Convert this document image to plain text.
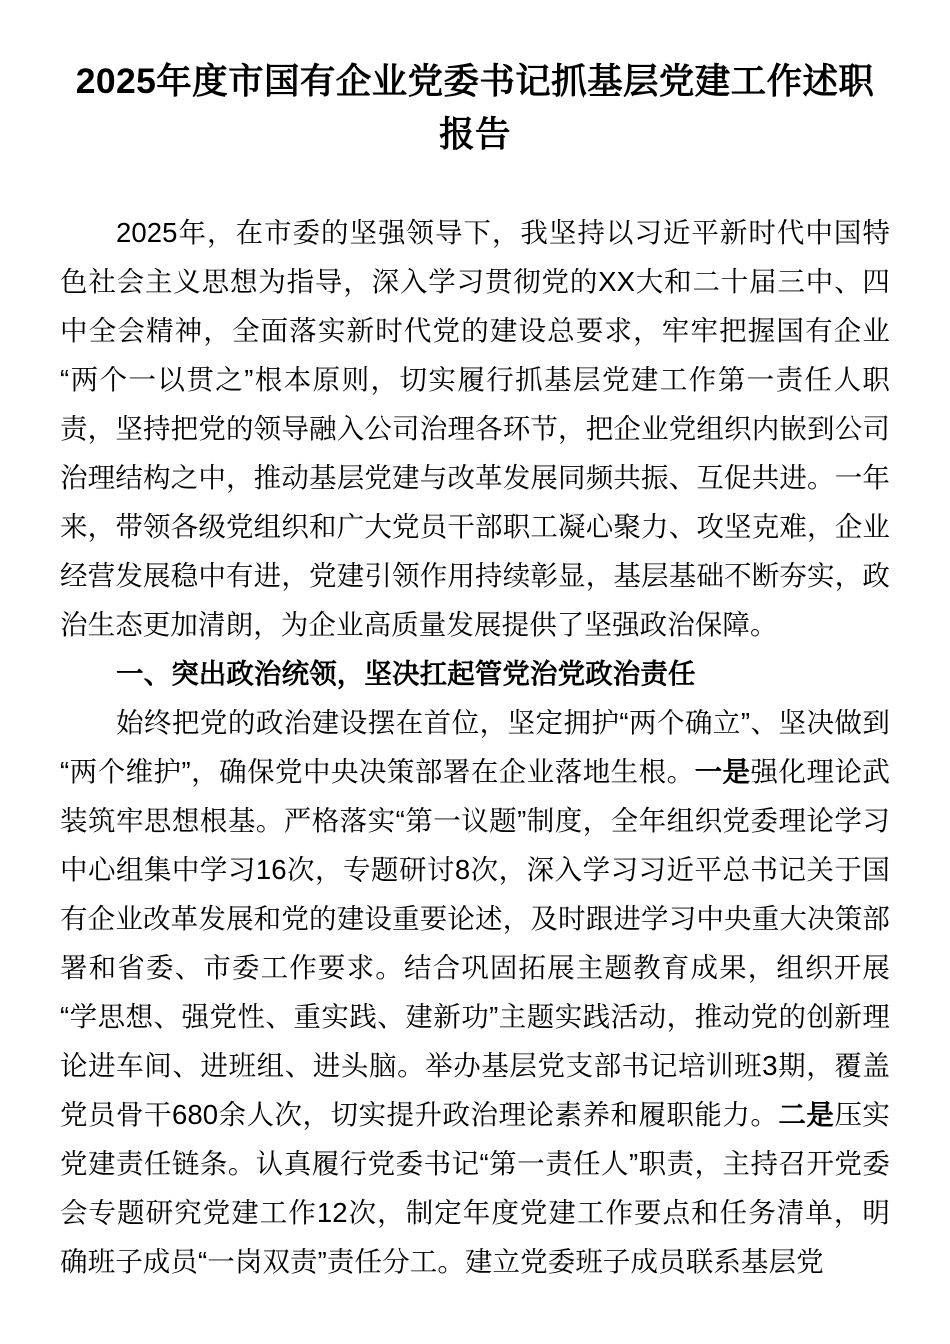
2025年度市国有企业党委书记抓基层党建工作述职报告

2025年，在市委的坚强领导下，我坚持以习近平新时代中国特色社会主义思想为指导，深入学习贯彻党的XX大和二十届三中、四中全会精神，全面落实新时代党的建设总要求，牢牢把握国有企业“两个一以贯之”根本原则，切实履行抓基层党建工作第一责任人职责，坚持把党的领导融入公司治理各环节，把企业党组织内嵌到公司治理结构之中，推动基层党建与改革发展同频共振、互促共进。一年来，带领各级党组织和广大党员干部职工凝心聚力、攻坚克难，企业经营发展稳中有进，党建引领作用持续彰显，基层基础不断夯实，政治生态更加清朗，为企业高质量发展提供了坚强政治保障。

一、突出政治统领，坚决扛起管党治党政治责任

始终把党的政治建设摆在首位，坚定拥护“两个确立”、坚决做到“两个维护”，确保党中央决策部署在企业落地生根。一是强化理论武装筑牢思想根基。严格落实“第一议题”制度，全年组织党委理论学习中心组集中学习16次，专题研讨8次，深入学习习近平总书记关于国有企业改革发展和党的建设重要论述，及时跟进学习中央重大决策部署和省委、市委工作要求。结合巩固拓展主题教育成果，组织开展“学思想、强党性、重实践、建新功”主题实践活动，推动党的创新理论进车间、进班组、进头脑。举办基层党支部书记培训班3期，覆盖党员骨干680余人次，切实提升政治理论素养和履职能力。二是压实党建责任链条。认真履行党委书记“第一责任人”职责，主持召开党委会专题研究党建工作12次，制定年度党建工作要点和任务清单，明确班子成员“一岗双责”责任分工。建立党委班子成员联系基层党
